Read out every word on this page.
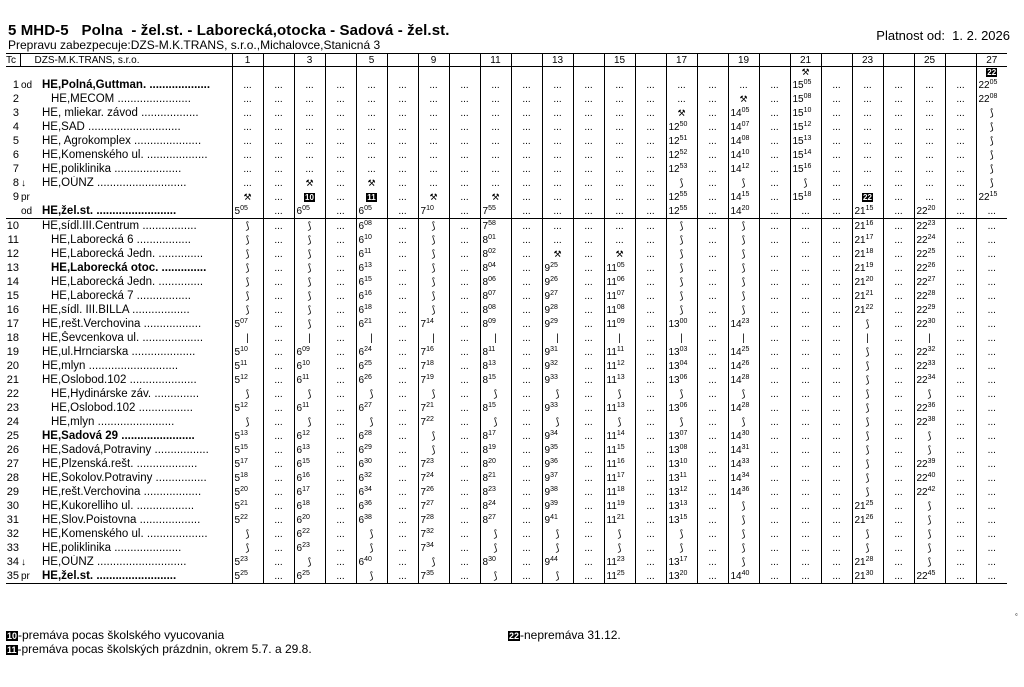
5 MHD-5   Polna  - žel.st. - Laborecká,otocka - Sadová - žel.st.
Prepravu zabezpecuje:DZS-M.K.TRANS, s.r.o.,Michalovce,Stanicná 3
Platnost od: 1. 2. 2026
Tc	DZS-M.K.TRANS, s.r.o.		1		3		5		9		11		13		15		17		19		21		23		25		27
																					⚒						22
1	od	HE,Polná,Guttman. ...................	...	...	...	...	...	...	...	...	...	...	...	...	...	...	...	...	...	...	$15^{05}$	...	...	...	...	...	$22^{05}$
2		HE,MECOM .......................	...	...	...	...	...	...	...	...	...	...	...	...	...	...	...	...	⚒	...	$15^{08}$	...	...	...	...	...	$22^{08}$
3		HE, mliekar. závod ..................	...	...	...	...	...	...	...	...	...	...	...	...	...	...	⚒	...	$14^{05}$	...	$15^{10}$	...	...	...	...	...	⟆
4		HE,SAD .............................	...	...	...	...	...	...	...	...	...	...	...	...	...	...	$12^{50}$	...	$14^{07}$	...	$15^{12}$	...	...	...	...	...	⟆
5		HE, Agrokomplex .....................	...	...	...	...	...	...	...	...	...	...	...	...	...	...	$12^{51}$	...	$14^{08}$	...	$15^{13}$	...	...	...	...	...	⟆
6		HE,Komenského ul. ...................	...	...	...	...	...	...	...	...	...	...	...	...	...	...	$12^{52}$	...	$14^{10}$	...	$15^{14}$	...	...	...	...	...	⟆
7		HE,poliklinika .....................	...	...	...	...	...	...	...	...	...	...	...	...	...	...	$12^{53}$	...	$14^{12}$	...	$15^{16}$	...	...	...	...	...	⟆
8	↓	HE,OÚNZ ............................	...	...	⚒	...	⚒	...	...	...	...	...	...	...	...	...	⟆	...	⟆	...	⟆	...	...	...	...	...	⟆
9	pr		⚒	...	10	...	11	...	⚒	...	⚒	...	...	...	...	...	$12^{55}$	...	$14^{15}$	...	$15^{18}$	...	22	...	...	...	$22^{15}$
	od	HE,žel.st. .........................	$5^{05}$	...	$6^{05}$	...	$6^{05}$	...	$7^{10}$	...	$7^{55}$	...	...	...	...	...	$12^{55}$	...	$14^{20}$	...	...	...	$21^{15}$	...	$22^{20}$	...	...
10		HE,sídl.III.Centrum .................	⟆	...	⟆	...	$6^{08}$	...	⟆	...	$7^{58}$	...	...	...	...	...	⟆	...	⟆	...	...	...	$21^{16}$	...	$22^{23}$	...	...
11		HE,Laborecká 6 .................	⟆	...	⟆	...	$6^{10}$	...	⟆	...	$8^{01}$	...	...	...	...	...	⟆	...	⟆	...	...	...	$21^{17}$	...	$22^{24}$	...	...
12		HE,Laborecká Jedn. ..............	⟆	...	⟆	...	$6^{11}$	...	⟆	...	$8^{02}$	...	⚒	...	⚒	...	⟆	...	⟆	...	...	...	$21^{18}$	...	$22^{25}$	...	...
13		HE,Laborecká otoc. ..............	⟆	...	⟆	...	$6^{13}$	...	⟆	...	$8^{04}$	...	$9^{25}$	...	$11^{05}$	...	⟆	...	⟆	...	...	...	$21^{19}$	...	$22^{26}$	...	...
14		HE,Laborecká Jedn. ..............	⟆	...	⟆	...	$6^{15}$	...	⟆	...	$8^{06}$	...	$9^{26}$	...	$11^{06}$	...	⟆	...	⟆	...	...	...	$21^{20}$	...	$22^{27}$	...	...
15		HE,Laborecká 7 .................	⟆	...	⟆	...	$6^{16}$	...	⟆	...	$8^{07}$	...	$9^{27}$	...	$11^{07}$	...	⟆	...	⟆	...	...	...	$21^{21}$	...	$22^{28}$	...	...
16		HE,sídl. III.BILLA ..................	⟆	...	⟆	...	$6^{18}$	...	⟆	...	$8^{08}$	...	$9^{28}$	...	$11^{08}$	...	⟆	...	⟆	...	...	...	$21^{22}$	...	$22^{29}$	...	...
17		HE,rešt.Verchovina ..................	$5^{07}$	...	⟆	...	$6^{21}$	...	$7^{14}$	...	$8^{09}$	...	$9^{29}$	...	$11^{09}$	...	$13^{00}$	...	$14^{23}$	...	...	...	⟆	...	$22^{30}$	...	...
18		HE,Ševcenkova ul. ...................	|	...	|	...	|	...	|	...	|	...	|	...	|	...	|	...	|	...	...	...	|	...	|	...	...
19		HE,ul.Hrnciarska ....................	$5^{10}$	...	$6^{09}$	...	$6^{24}$	...	$7^{16}$	...	$8^{11}$	...	$9^{31}$	...	$11^{11}$	...	$13^{03}$	...	$14^{25}$	...	...	...	⟆	...	$22^{32}$	...	...
20		HE,mlyn ............................	$5^{11}$	...	$6^{10}$	...	$6^{25}$	...	$7^{18}$	...	$8^{13}$	...	$9^{32}$	...	$11^{12}$	...	$13^{04}$	...	$14^{26}$	...	...	...	⟆	...	$22^{33}$	...	...
21		HE,Oslobod.102 .....................	$5^{12}$	...	$6^{11}$	...	$6^{26}$	...	$7^{19}$	...	$8^{15}$	...	$9^{33}$	...	$11^{13}$	...	$13^{06}$	...	$14^{28}$	...	...	...	⟆	...	$22^{34}$	...	...
22		HE,Hydinárske záv. ..............	⟆	...	⟆	...	⟆	...	⟆	...	⟆	...	⟆	...	⟆	...	⟆	...	⟆	...	...	...	⟆	...	⟆	...	...
23		HE,Oslobod.102 .................	$5^{12}$	...	$6^{11}$	...	$6^{27}$	...	$7^{21}$	...	$8^{15}$	...	$9^{33}$	...	$11^{13}$	...	$13^{06}$	...	$14^{28}$	...	...	...	⟆	...	$22^{36}$	...	...
24		HE,mlyn ........................	⟆	...	⟆	...	⟆	...	$7^{22}$	...	⟆	...	⟆	...	⟆	...	⟆	...	⟆	...	...	...	⟆	...	$22^{38}$	...	...
25		HE,Sadová 29 .......................	$5^{13}$	...	$6^{12}$	...	$6^{28}$	...	⟆	...	$8^{17}$	...	$9^{34}$	...	$11^{14}$	...	$13^{07}$	...	$14^{30}$	...	...	...	⟆	...	⟆	...	...
26		HE,Sadová,Potraviny .................	$5^{15}$	...	$6^{13}$	...	$6^{29}$	...	⟆	...	$8^{19}$	...	$9^{35}$	...	$11^{15}$	...	$13^{08}$	...	$14^{31}$	...	...	...	⟆	...	⟆	...	...
27		HE,Plzenská.rešt. ...................	$5^{17}$	...	$6^{15}$	...	$6^{30}$	...	$7^{23}$	...	$8^{20}$	...	$9^{36}$	...	$11^{16}$	...	$13^{10}$	...	$14^{33}$	...	...	...	⟆	...	$22^{39}$	...	...
28		HE,Sokolov.Potraviny ................	$5^{18}$	...	$6^{16}$	...	$6^{32}$	...	$7^{24}$	...	$8^{21}$	...	$9^{37}$	...	$11^{17}$	...	$13^{11}$	...	$14^{34}$	...	...	...	⟆	...	$22^{40}$	...	...
29		HE,rešt.Verchovina ..................	$5^{20}$	...	$6^{17}$	...	$6^{34}$	...	$7^{26}$	...	$8^{23}$	...	$9^{38}$	...	$11^{18}$	...	$13^{12}$	...	$14^{36}$	...	...	...	⟆	...	$22^{42}$	...	...
30		HE,Kukorelliho ul. ..................	$5^{21}$	...	$6^{18}$	...	$6^{36}$	...	$7^{27}$	...	$8^{24}$	...	$9^{39}$	...	$11^{19}$	...	$13^{13}$	...	⟆	...	...	...	$21^{25}$	...	⟆	...	...
31		HE,Slov.Poistovna ...................	$5^{22}$	...	$6^{20}$	...	$6^{38}$	...	$7^{28}$	...	$8^{27}$	...	$9^{41}$	...	$11^{21}$	...	$13^{15}$	...	⟆	...	...	...	$21^{26}$	...	⟆	...	...
32		HE,Komenského ul. ...................	⟆	...	$6^{22}$	...	⟆	...	$7^{32}$	...	⟆	...	⟆	...	⟆	...	⟆	...	⟆	...	...	...	⟆	...	⟆	...	...
33		HE,poliklinika .....................	⟆	...	$6^{23}$	...	⟆	...	$7^{34}$	...	⟆	...	⟆	...	⟆	...	⟆	...	⟆	...	...	...	⟆	...	⟆	...	...
34	↓	HE,OÚNZ ............................	$5^{23}$	...	⟆	...	$6^{40}$	...	⟆	...	$8^{30}$	...	$9^{44}$	...	$11^{23}$	...	$13^{17}$	...	⟆	...	...	...	$21^{28}$	...	⟆	...	...
35	pr	HE,žel.st. .........................	$5^{25}$	...	$6^{25}$	...	⟆	...	$7^{35}$	...	⟆	...	⟆	...	$11^{25}$	...	$13^{20}$	...	$14^{40}$	...	...	...	$21^{30}$	...	$22^{45}$	...	...
10-premáva pocas školského vyucovania
11-premáva pocas školských prázdnin, okrem 5.7. a 29.8.
22-nepremáva 31.12.
©
